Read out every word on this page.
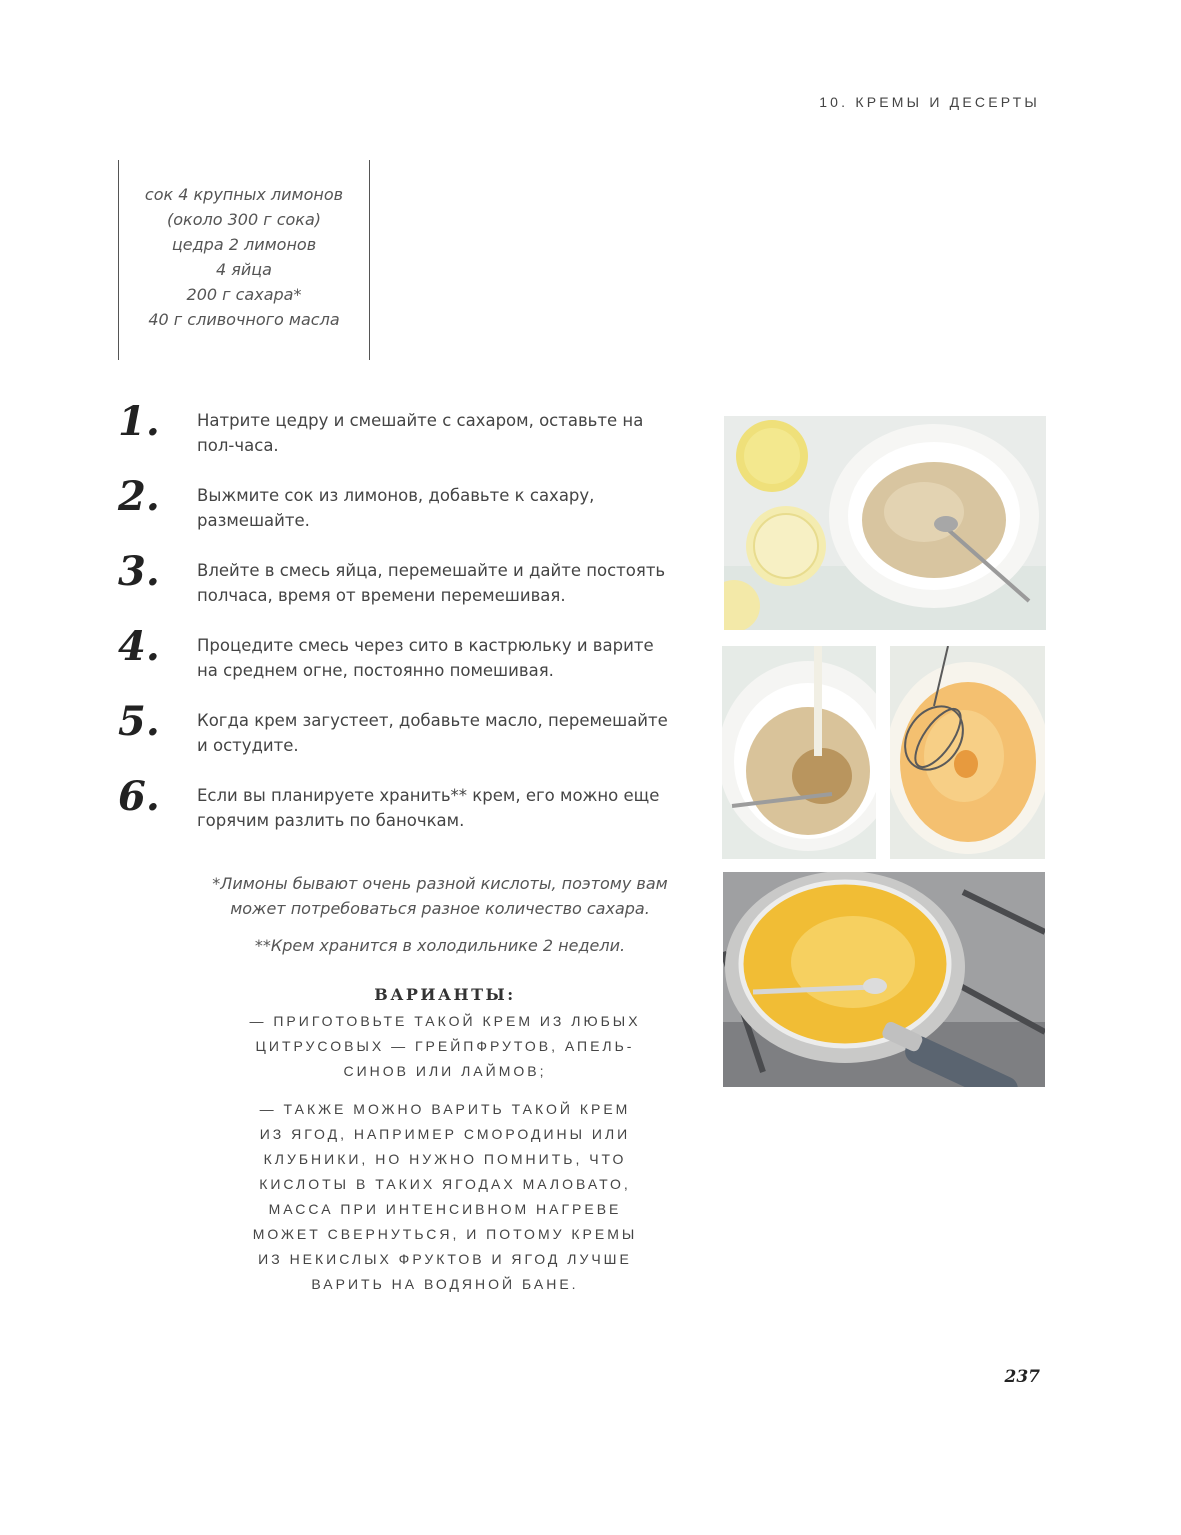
10. КРЕМЫ И ДЕСЕРТЫ
сок 4 крупных лимонов
(около 300 г сока)
цедра 2 лимонов
4 яйца
200 г сахара*
40 г сливочного масла
1. Натрите цедру и смешайте с сахаром, оставьте на пол-часа.
2. Выжмите сок из лимонов, добавьте к сахару, размешайте.
3. Влейте в смесь яйца, перемешайте и дайте постоять полчаса, время от времени перемешивая.
4. Процедите смесь через сито в кастрюльку и варите на среднем огне, постоянно помешивая.
5. Когда крем загустеет, добавьте масло, перемешайте и остудите.
6. Если вы планируете хранить** крем, его можно еще горячим разлить по баночкам.
*Лимоны бывают очень разной кислоты, поэтому вам может потребоваться разное количество сахара.
**Крем хранится в холодильнике 2 недели.
ВАРИАНТЫ:
— ПРИГОТОВЬТЕ ТАКОЙ КРЕМ ИЗ ЛЮБЫХ ЦИТРУСОВЫХ — ГРЕЙПФРУТОВ, АПЕЛЬ-СИНОВ ИЛИ ЛАЙМОВ;
— ТАКЖЕ МОЖНО ВАРИТЬ ТАКОЙ КРЕМ ИЗ ЯГОД, НАПРИМЕР СМОРОДИНЫ ИЛИ КЛУБНИКИ, НО НУЖНО ПОМНИТЬ, ЧТО КИСЛОТЫ В ТАКИХ ЯГОДАХ МАЛОВАТО, МАССА ПРИ ИНТЕНСИВНОМ НАГРЕВЕ МОЖЕТ СВЕРНУТЬСЯ, И ПОТОМУ КРЕМЫ ИЗ НЕКИСЛЫХ ФРУКТОВ И ЯГОД ЛУЧШЕ ВАРИТЬ НА ВОДЯНОЙ БАНЕ.
237
